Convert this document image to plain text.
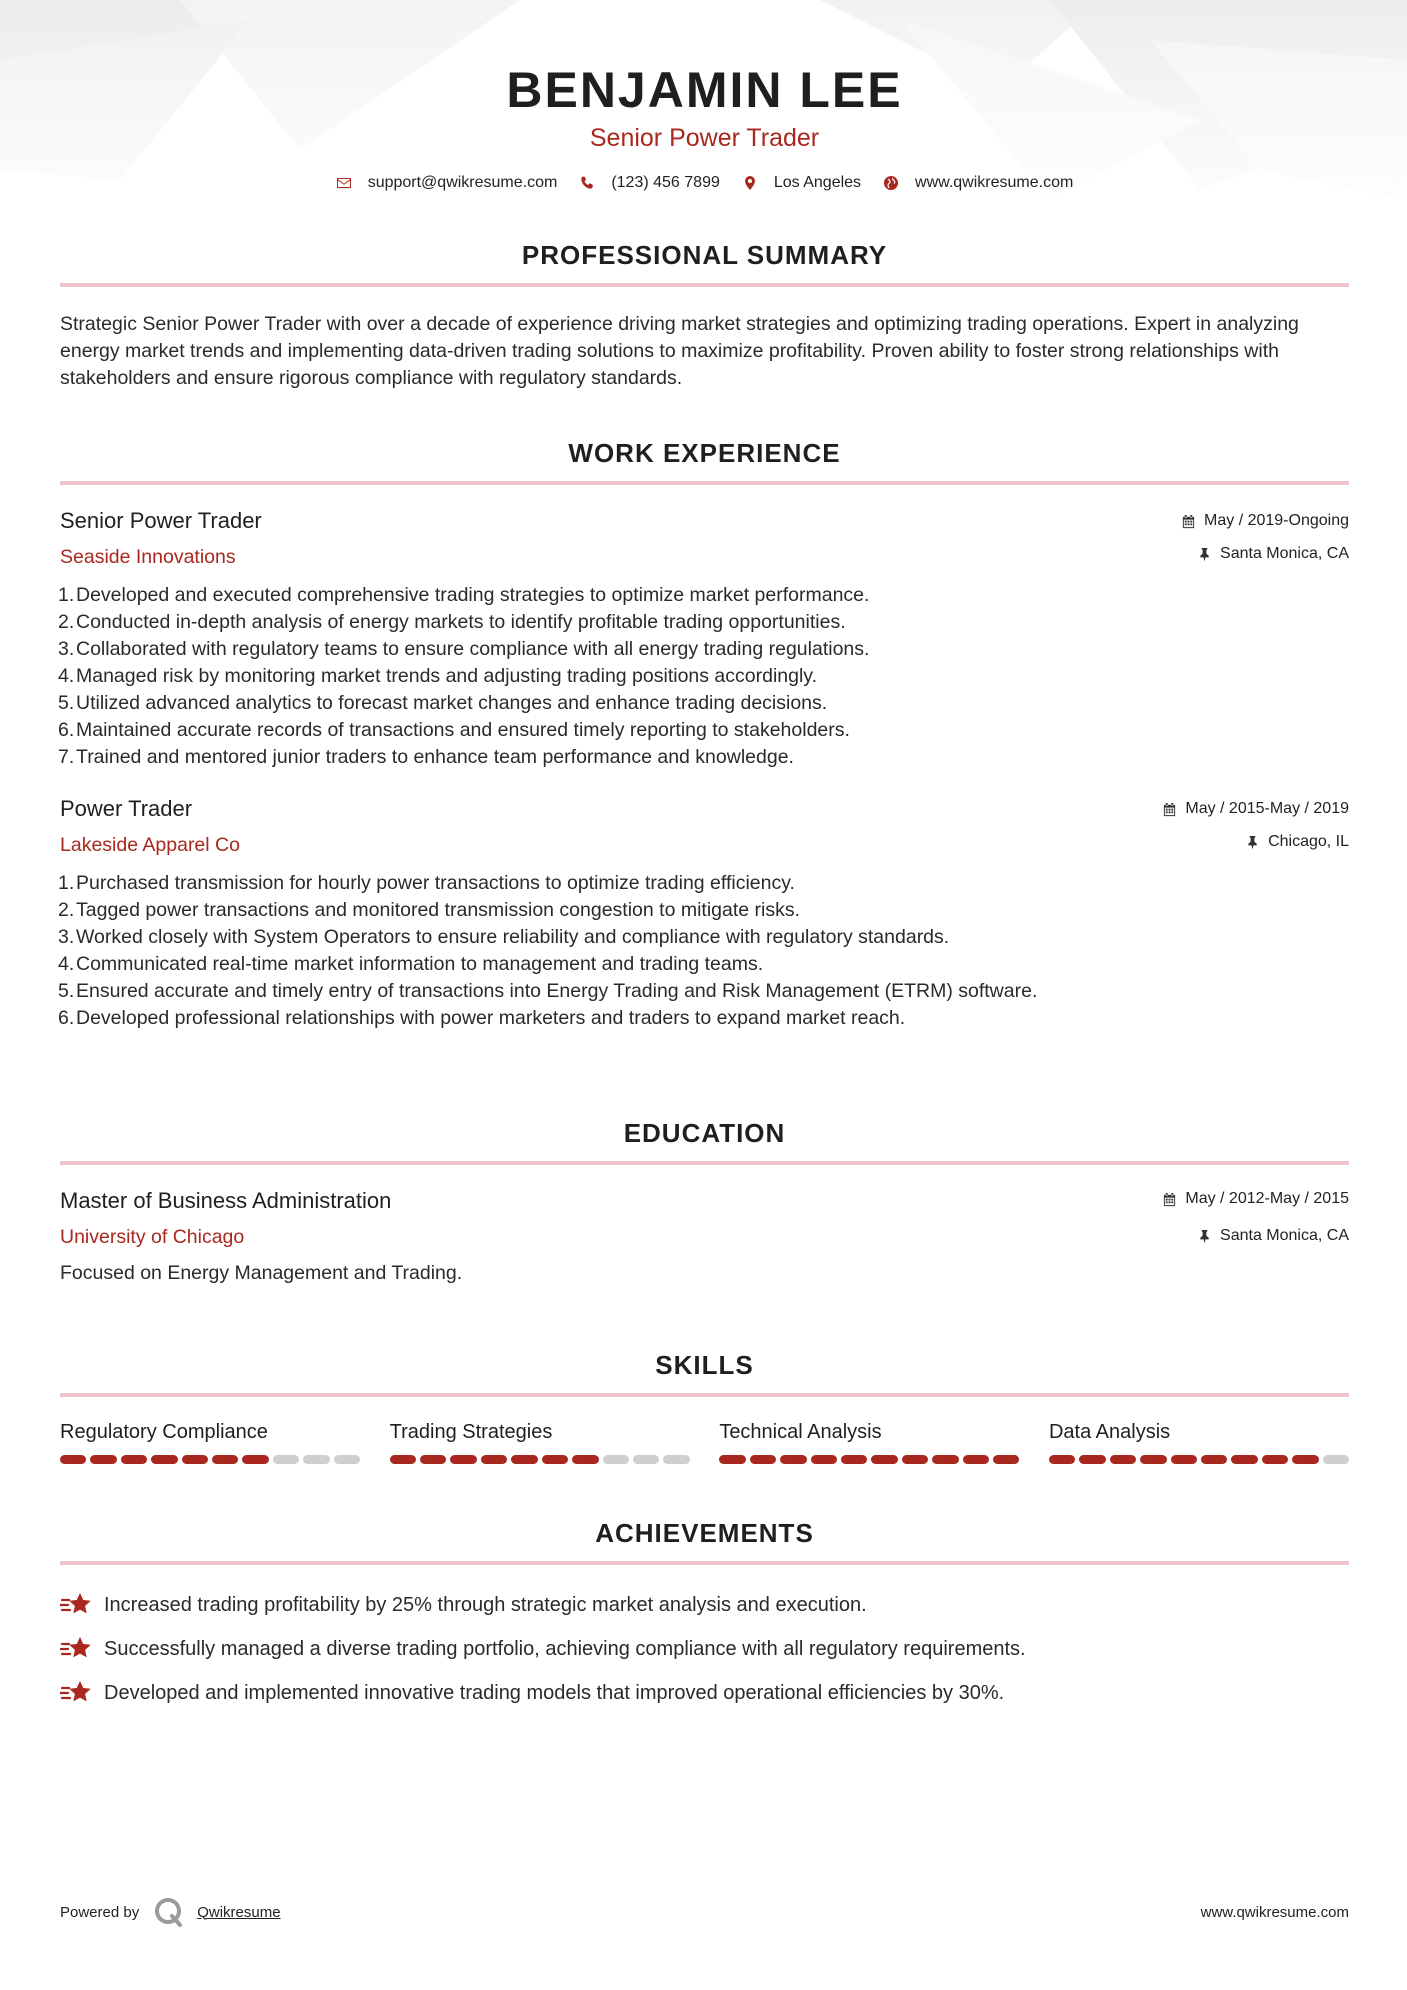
BENJAMIN LEE
Senior Power Trader
support@qwikresume.com	(123) 456 7899	Los Angeles	www.qwikresume.com
PROFESSIONAL SUMMARY
Strategic Senior Power Trader with over a decade of experience driving market strategies and optimizing trading operations. Expert in analyzing energy market trends and implementing data-driven trading solutions to maximize profitability. Proven ability to foster strong relationships with stakeholders and ensure rigorous compliance with regulatory standards.
WORK EXPERIENCE
Senior Power Trader
Seaside Innovations
May / 2019-Ongoing
Santa Monica, CA
1. Developed and executed comprehensive trading strategies to optimize market performance.
2. Conducted in-depth analysis of energy markets to identify profitable trading opportunities.
3. Collaborated with regulatory teams to ensure compliance with all energy trading regulations.
4. Managed risk by monitoring market trends and adjusting trading positions accordingly.
5. Utilized advanced analytics to forecast market changes and enhance trading decisions.
6. Maintained accurate records of transactions and ensured timely reporting to stakeholders.
7. Trained and mentored junior traders to enhance team performance and knowledge.
Power Trader
Lakeside Apparel Co
May / 2015-May / 2019
Chicago, IL
1. Purchased transmission for hourly power transactions to optimize trading efficiency.
2. Tagged power transactions and monitored transmission congestion to mitigate risks.
3. Worked closely with System Operators to ensure reliability and compliance with regulatory standards.
4. Communicated real-time market information to management and trading teams.
5. Ensured accurate and timely entry of transactions into Energy Trading and Risk Management (ETRM) software.
6. Developed professional relationships with power marketers and traders to expand market reach.
EDUCATION
Master of Business Administration
University of Chicago
May / 2012-May / 2015
Santa Monica, CA
Focused on Energy Management and Trading.
SKILLS
Regulatory Compliance	Trading Strategies	Technical Analysis	Data Analysis
ACHIEVEMENTS
Increased trading profitability by 25% through strategic market analysis and execution.
Successfully managed a diverse trading portfolio, achieving compliance with all regulatory requirements.
Developed and implemented innovative trading models that improved operational efficiencies by 30%.
Powered by	Qwikresume	www.qwikresume.com
